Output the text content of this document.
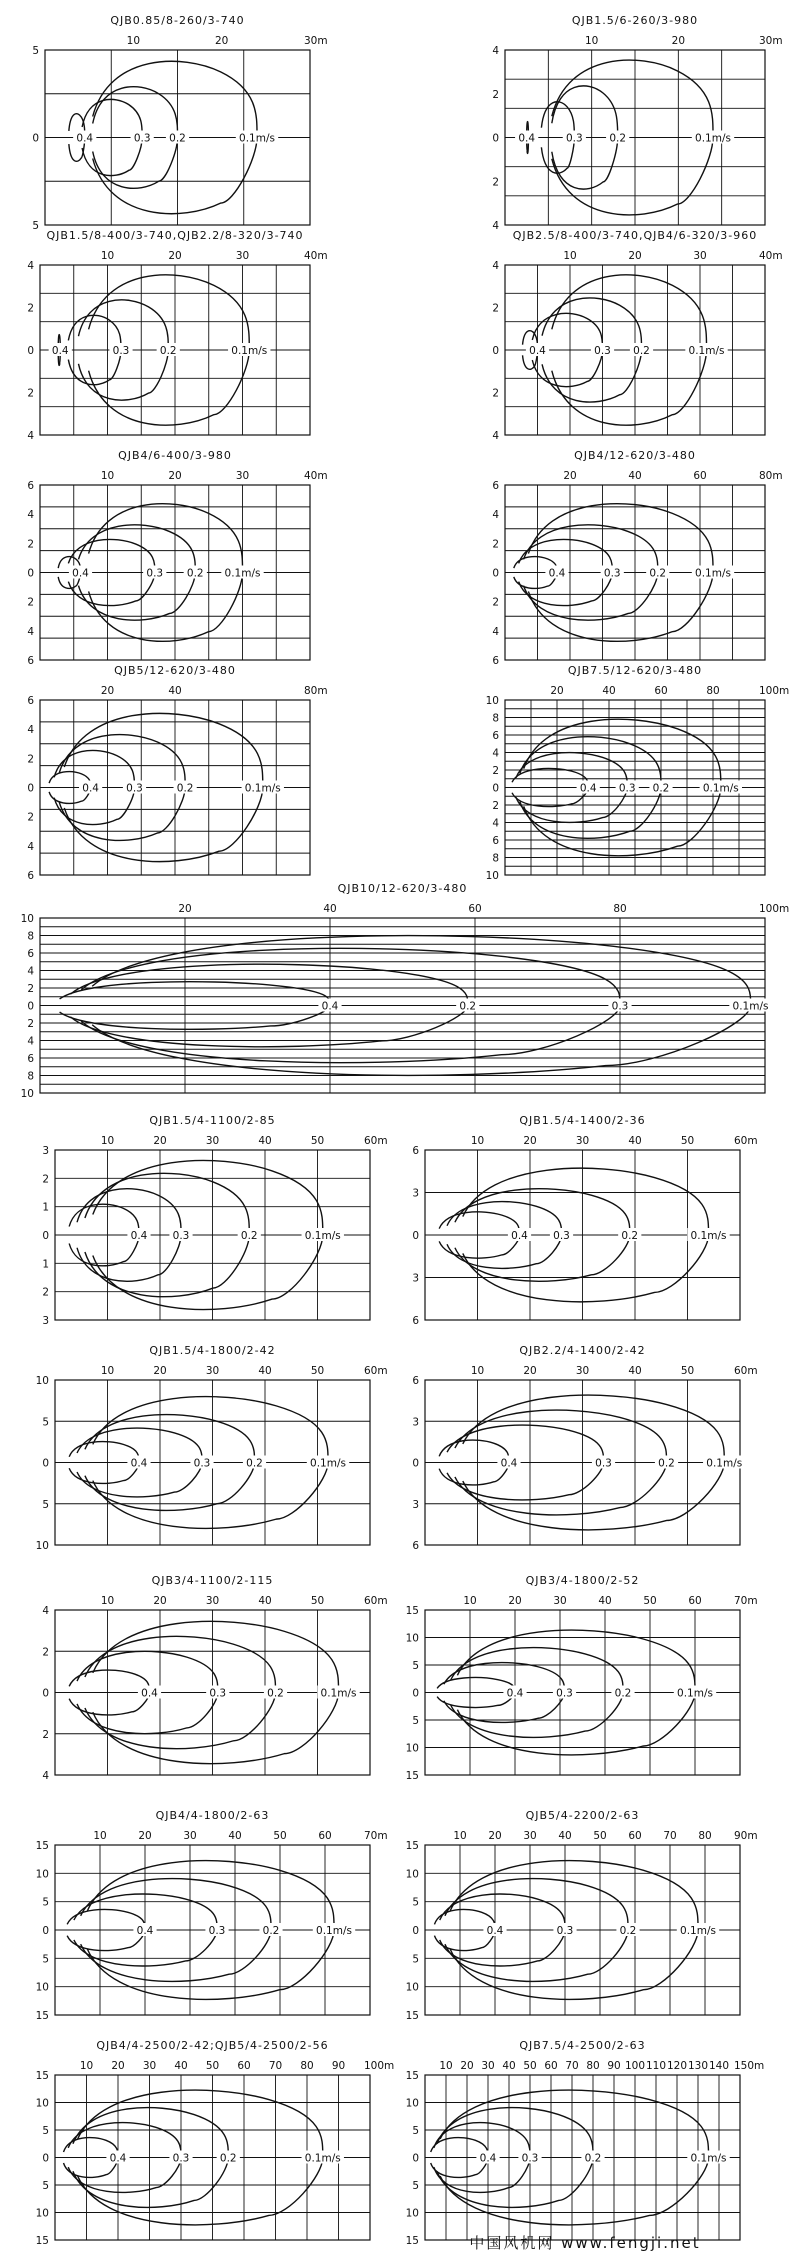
QJB0.85/8-260/3-740
10	20	30m
5
0
5
0.4	0.3 0.2	0.1m/s
QJB1.5/6-260/3-980
10	20	30m
4
2
0
2
4
0.4	0.3	0.2	0.1m/s
QJB1.5/8-400/3-740,QJB2.2/8-320/3-740
10	20	30	40m
4
2
0
2
4
0.4	0.3	0.2	0.1m/s
QJB2.5/8-400/3-740,QJB4/6-320/3-960
10	20	30	40m
4
2
0
2
4
0.4	0.3 0.2	0.1m/s
QJB4/6-400/3-980
10	20	30	40m
6
4
2
0
2
4
6
0.4	0.3 0.2 0.1m/s
QJB4/12-620/3-480
20	40	60	80m
6
4
2
0
2
4
6
0.4	0.3	0.2	0.1m/s
QJB5/12-620/3-480
20	40	80m
6
4
2
0
2
4
6
0.4	0.3	0.2	0.1m/s
QJB7.5/12-620/3-480
20	40	60	80	100m
10
8
6
4
2
0
2
4
6
8
10
0.4 0.3 0.2	0.1m/s
QJB10/12-620/3-480
20	40	60	80	100m
10
8
6
4
2
0
2
4
6
8
10
0.4	0.2	0.3	0.1m/s
QJB1.5/4-1100/2-85
10	20	30	40	50	60m
3
2
1
0
1
2
3
0.4 0.3	0.2	0.1m/s
QJB1.5/4-1400/2-36
10	20	30	40	50	60m
6
3
0
3
6
0.4 0.3	0.2	0.1m/s
QJB1.5/4-1800/2-42
10	20	30	40	50	60m
10
5
0
5
10
0.4	0.3	0.2	0.1m/s
QJB2.2/4-1400/2-42
10	20	30	40	50	60m
6
3
0
3
6
0.4	0.3	0.2	0.1m/s
QJB3/4-1100/2-115
10	20	30	40	50	60m
4
2
0
2
4
0.4	0.3	0.2	0.1m/s
QJB3/4-1800/2-52
10	20	30	40	50	60	70m
15
10
5
0
5
10
15
0.4	0.3	0.2	0.1m/s
QJB4/4-1800/2-63
10	20	30	40	50	60	70m
15
10
5
0
5
10
15
0.4	0.3	0.2	0.1m/s
QJB5/4-2200/2-63
10 20 30 40 50 60 70 80 90m
15
10
5
0
5
10
15
0.4	0.3	0.2	0.1m/s
QJB4/4-2500/2-42;QJB5/4-2500/2-56
10 20 30 40 50 60 70 80 90 100m
15
10
5
0
5
10
15
0.4	0.3	0.2	0.1m/s
QJB7.5/4-2500/2-63
10 20 30 40 50 60 70 80 90 100 110 120 130 140 150m
15
10
5
0
5
10
15
0.4 0.3	0.2	0.1m/s
中国风机网 www.fengji.net
